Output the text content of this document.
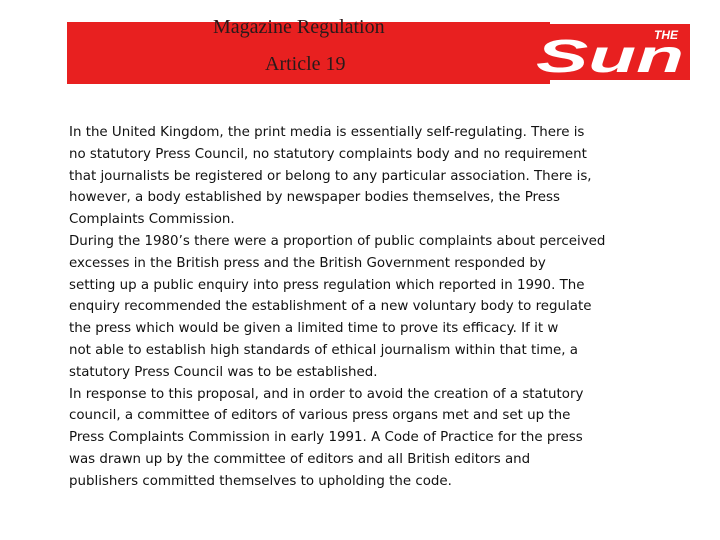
Magazine Regulation
Article 19
THE
Sun
In the United Kingdom, the print media is essentially self-regulating. There is
no statutory Press Council, no statutory complaints body and no requirement
that journalists be registered or belong to any particular association. There is,
however, a body established by newspaper bodies themselves, the Press
Complaints Commission.
During the 1980’s there were a proportion of public complaints about perceived
excesses in the British press and the British Government responded by
setting up a public enquiry into press regulation which reported in 1990. The
enquiry recommended the establishment of a new voluntary body to regulate
the press which would be given a limited time to prove its efficacy. If it w
not able to establish high standards of ethical journalism within that time, a
statutory Press Council was to be established.
In response to this proposal, and in order to avoid the creation of a statutory
council, a committee of editors of various press organs met and set up the
Press Complaints Commission in early 1991. A Code of Practice for the press
was drawn up by the committee of editors and all British editors and
publishers committed themselves to upholding the code.
